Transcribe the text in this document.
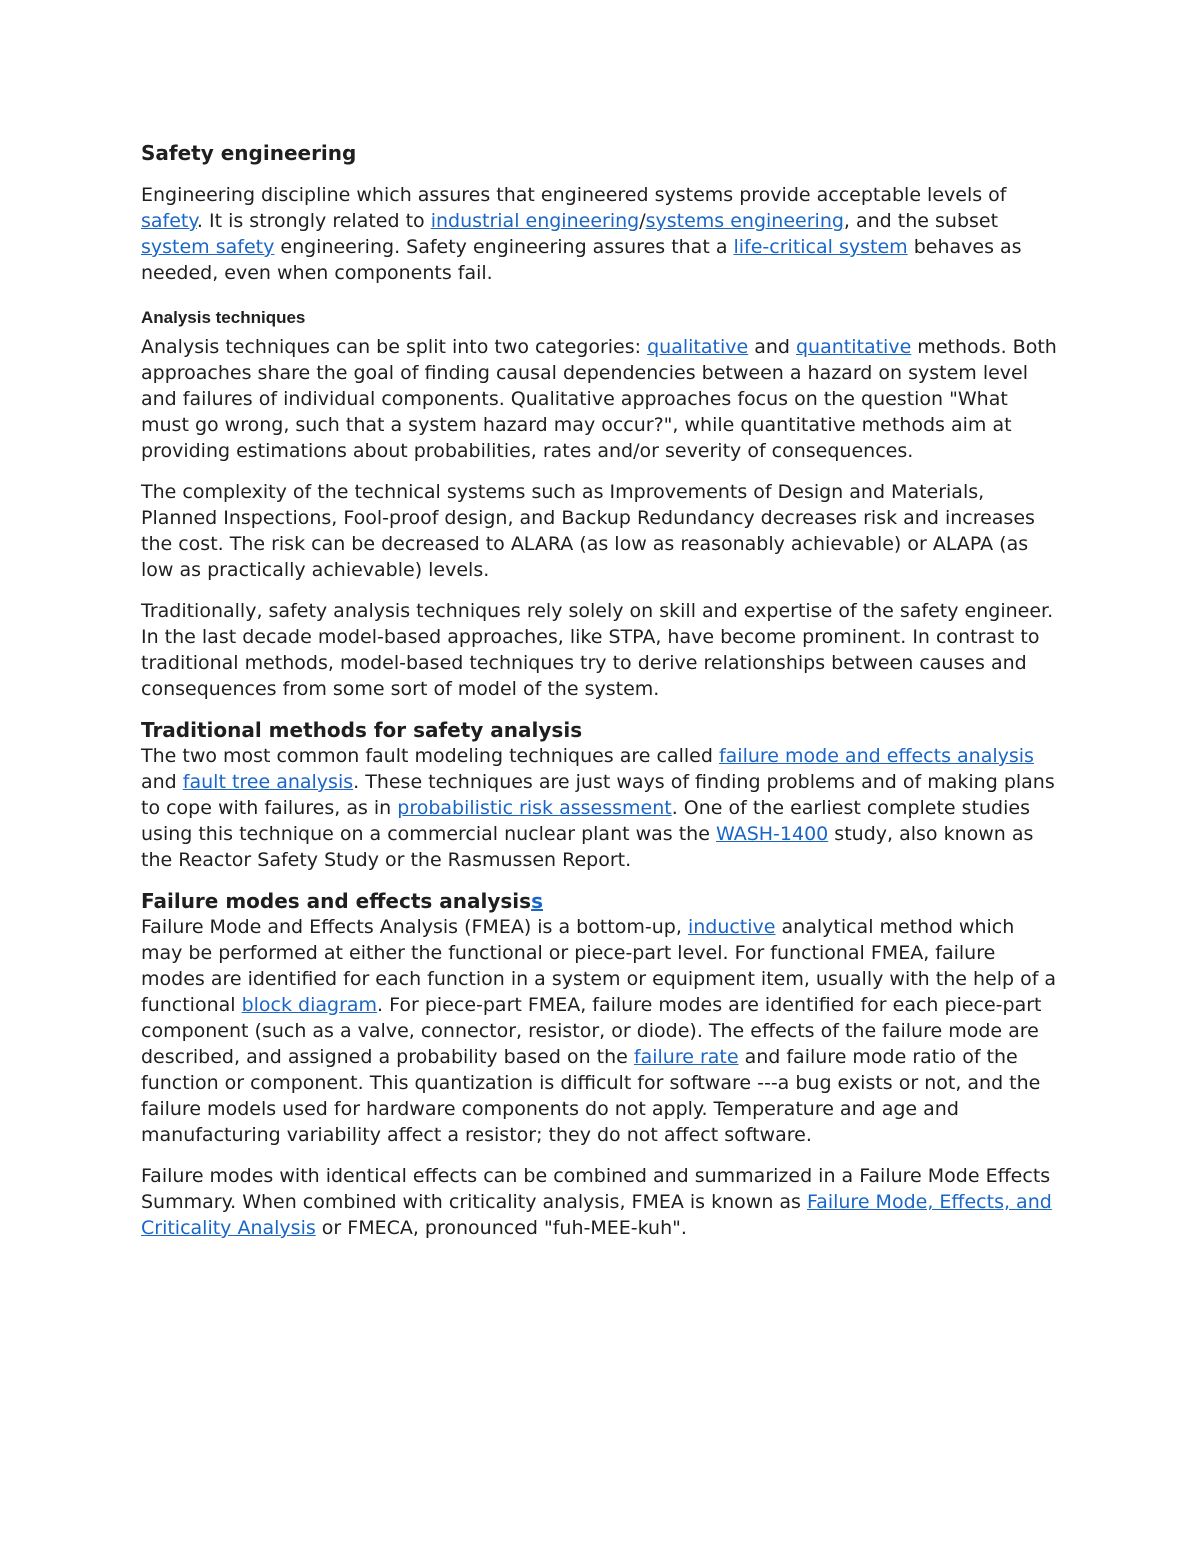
Safety engineering

Engineering discipline which assures that engineered systems provide acceptable levels of safety. It is strongly related to industrial engineering/systems engineering, and the subset system safety engineering. Safety engineering assures that a life-critical system behaves as needed, even when components fail.

Analysis techniques

Analysis techniques can be split into two categories: qualitative and quantitative methods. Both approaches share the goal of finding causal dependencies between a hazard on system level and failures of individual components. Qualitative approaches focus on the question "What must go wrong, such that a system hazard may occur?", while quantitative methods aim at providing estimations about probabilities, rates and/or severity of consequences.

The complexity of the technical systems such as Improvements of Design and Materials, Planned Inspections, Fool-proof design, and Backup Redundancy decreases risk and increases the cost. The risk can be decreased to ALARA (as low as reasonably achievable) or ALAPA (as low as practically achievable) levels.

Traditionally, safety analysis techniques rely solely on skill and expertise of the safety engineer. In the last decade model-based approaches, like STPA, have become prominent. In contrast to traditional methods, model-based techniques try to derive relationships between causes and consequences from some sort of model of the system.

Traditional methods for safety analysis

The two most common fault modeling techniques are called failure mode and effects analysis and fault tree analysis. These techniques are just ways of finding problems and of making plans to cope with failures, as in probabilistic risk assessment. One of the earliest complete studies using this technique on a commercial nuclear plant was the WASH-1400 study, also known as the Reactor Safety Study or the Rasmussen Report.

Failure modes and effects analysiss

Failure Mode and Effects Analysis (FMEA) is a bottom-up, inductive analytical method which may be performed at either the functional or piece-part level. For functional FMEA, failure modes are identified for each function in a system or equipment item, usually with the help of a functional block diagram. For piece-part FMEA, failure modes are identified for each piece-part component (such as a valve, connector, resistor, or diode). The effects of the failure mode are described, and assigned a probability based on the failure rate and failure mode ratio of the function or component. This quantization is difficult for software ---a bug exists or not, and the failure models used for hardware components do not apply. Temperature and age and manufacturing variability affect a resistor; they do not affect software.

Failure modes with identical effects can be combined and summarized in a Failure Mode Effects Summary. When combined with criticality analysis, FMEA is known as Failure Mode, Effects, and Criticality Analysis or FMECA, pronounced "fuh-MEE-kuh".
